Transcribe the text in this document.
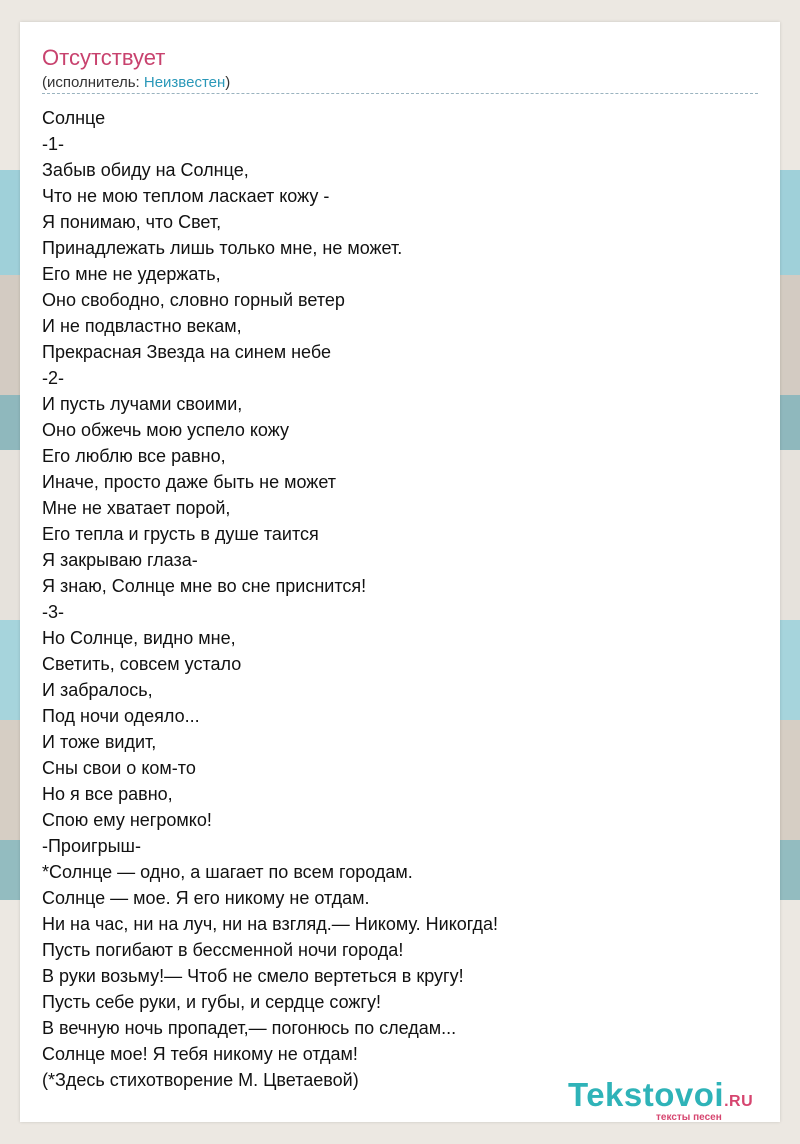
Отсутствует
(исполнитель: Неизвестен)
Солнце
-1-
Забыв обиду на Солнце,
Что не мою теплом ласкает кожу -
Я понимаю, что Свет,
Принадлежать лишь только мне, не может.
Его мне не удержать,
Оно свободно, словно горный ветер
И не подвластно векам,
Прекрасная Звезда на синем небе
-2-
И пусть лучами своими,
Оно обжечь мою успело кожу
Его люблю все равно,
Иначе, просто даже быть не может
Мне не хватает порой,
Его тепла и грусть в душе таится
Я закрываю глаза-
Я знаю, Солнце мне во сне приснится!
-3-
Но Солнце, видно мне,
Светить, совсем устало
И забралось,
Под ночи одеяло...
И тоже видит,
Сны свои о ком-то
Но я все равно,
Спою ему негромко!
-Проигрыш-
*Солнце — одно, а шагает по всем городам.
Солнце — мое. Я его никому не отдам.
Ни на час, ни на луч, ни на взгляд.— Никому. Никогда!
Пусть погибают в бессменной ночи города!
В руки возьму!— Чтоб не смело вертеться в кругу!
Пусть себе руки, и губы, и сердце сожгу!
В вечную ночь пропадет,— погонюсь по следам...
Солнце мое! Я тебя никому не отдам!
(*Здесь стихотворение М. Цветаевой)	Tekstovoi.RU
тексты песен
